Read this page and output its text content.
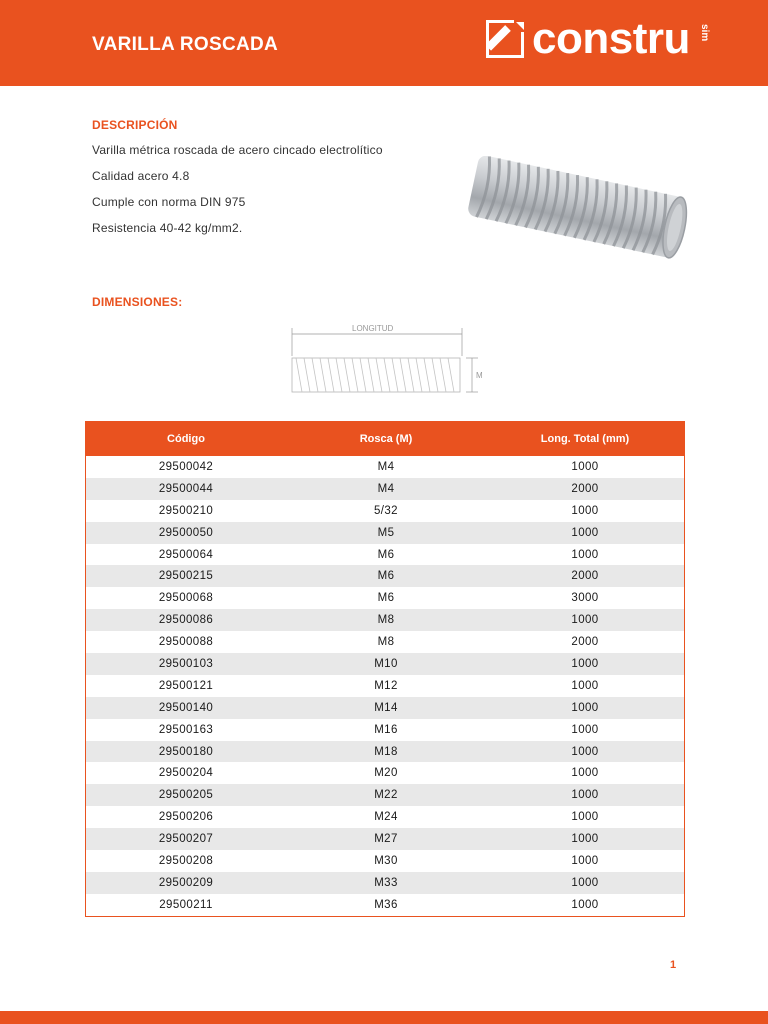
VARILLA ROSCADA	constru sim
DESCRIPCIÓN
Varilla métrica roscada de acero cincado electrolítico
Calidad acero 4.8
Cumple con norma DIN 975
Resistencia 40-42 kg/mm2.
DIMENSIONES:
LONGITUD
M
Código	Rosca (M)	Long. Total (mm)
29500042	M4	1000
29500044	M4	2000
29500210	5/32	1000
29500050	M5	1000
29500064	M6	1000
29500215	M6	2000
29500068	M6	3000
29500086	M8	1000
29500088	M8	2000
29500103	M10	1000
29500121	M12	1000
29500140	M14	1000
29500163	M16	1000
29500180	M18	1000
29500204	M20	1000
29500205	M22	1000
29500206	M24	1000
29500207	M27	1000
29500208	M30	1000
29500209	M33	1000
29500211	M36	1000
1
